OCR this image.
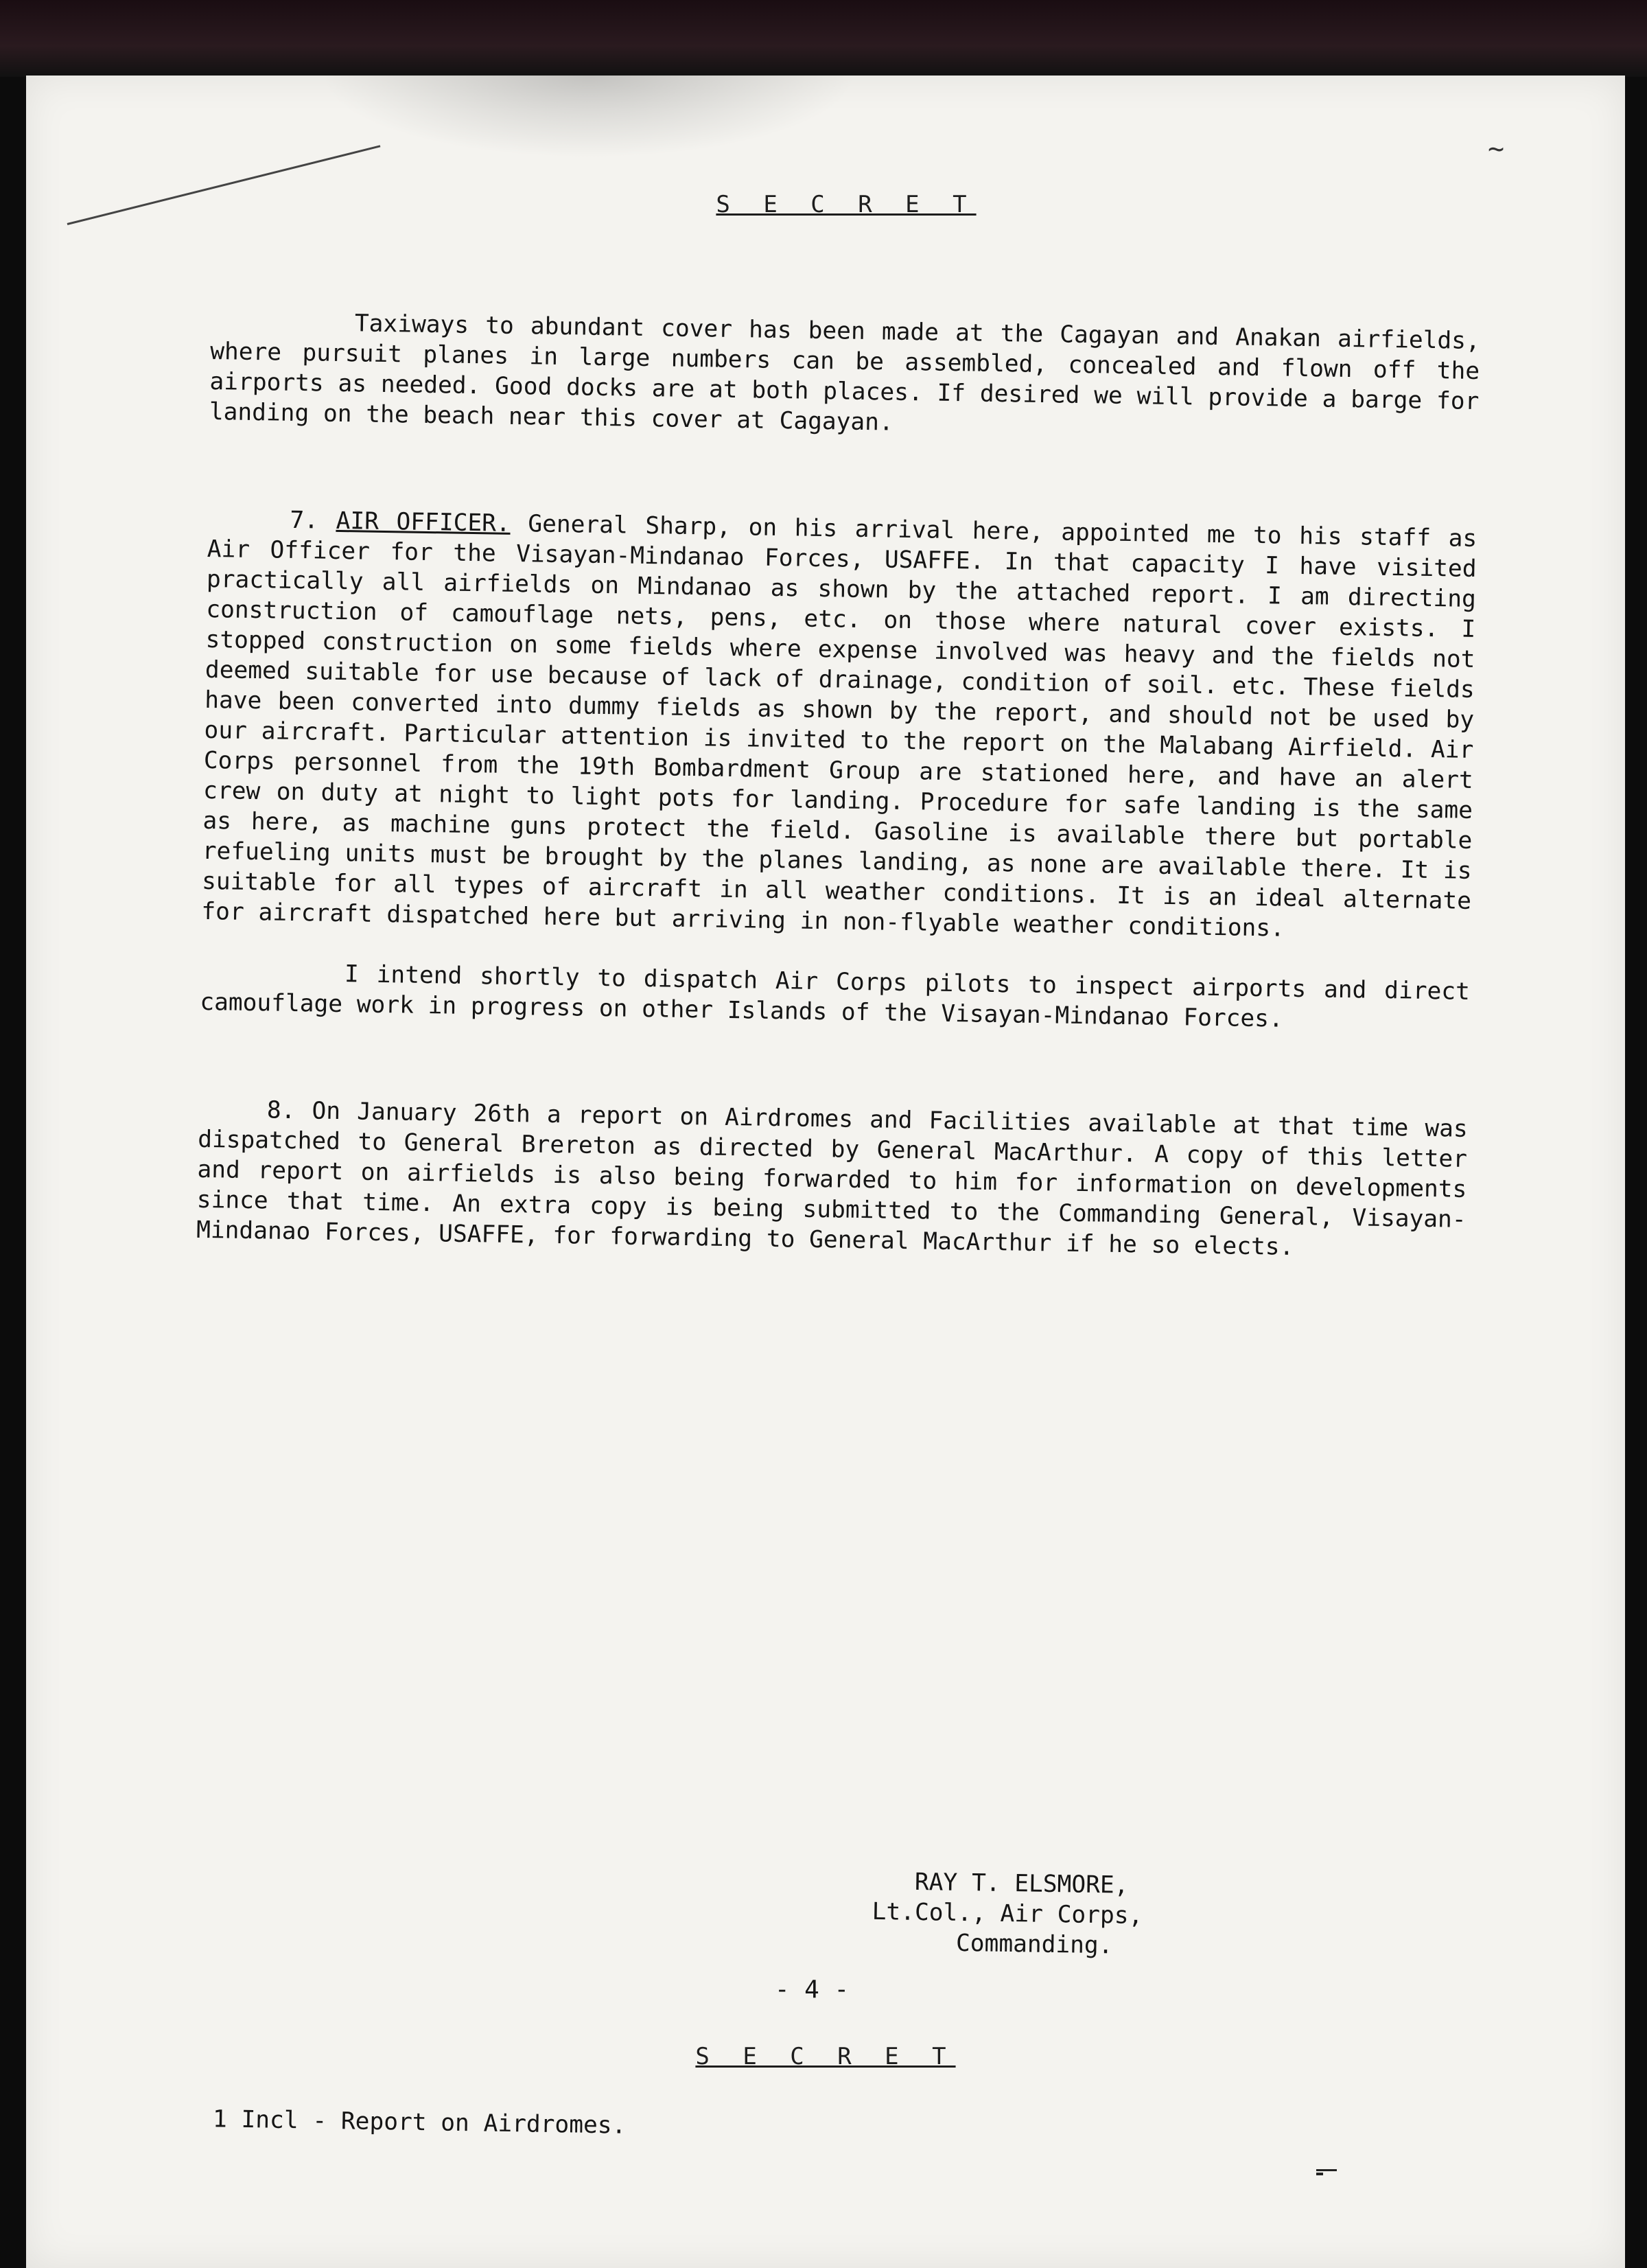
~
S E C R E T

Taxiways to abundant cover has been made at the Cagayan and Anakan airfields, where pursuit planes in large numbers can be assembled, concealed and flown off the airports as needed. Good docks are at both places. If desired we will provide a barge for landing on the beach near this cover at Cagayan.

7. AIR OFFICER. General Sharp, on his arrival here, appointed me to his staff as Air Officer for the Visayan-Mindanao Forces, USAFFE. In that capacity I have visited practically all airfields on Mindanao as shown by the attached report. I am directing construction of camouflage nets, pens, etc. on those where natural cover exists. I stopped construction on some fields where expense involved was heavy and the fields not deemed suitable for use because of lack of drainage, condition of soil. etc. These fields have been converted into dummy fields as shown by the report, and should not be used by our aircraft. Particular attention is invited to the report on the Malabang Airfield. Air Corps personnel from the 19th Bombardment Group are stationed here, and have an alert crew on duty at night to light pots for landing. Procedure for safe landing is the same as here, as machine guns protect the field. Gasoline is available there but portable refueling units must be brought by the planes landing, as none are available there. It is suitable for all types of aircraft in all weather conditions. It is an ideal alternate for aircraft dispatched here but arriving in non-flyable weather conditions.

I intend shortly to dispatch Air Corps pilots to inspect airports and direct camouflage work in progress on other Islands of the Visayan-Mindanao Forces.

8. On January 26th a report on Airdromes and Facilities available at that time was dispatched to General Brereton as directed by General MacArthur. A copy of this letter and report on airfields is also being forwarded to him for information on developments since that time. An extra copy is being submitted to the Commanding General, Visayan-Mindanao Forces, USAFFE, for forwarding to General MacArthur if he so elects.

RAY T. ELSMORE,
Lt.Col., Air Corps,
Commanding.
1 Incl - Report on Airdromes.
- 4 -
S E C R E T
